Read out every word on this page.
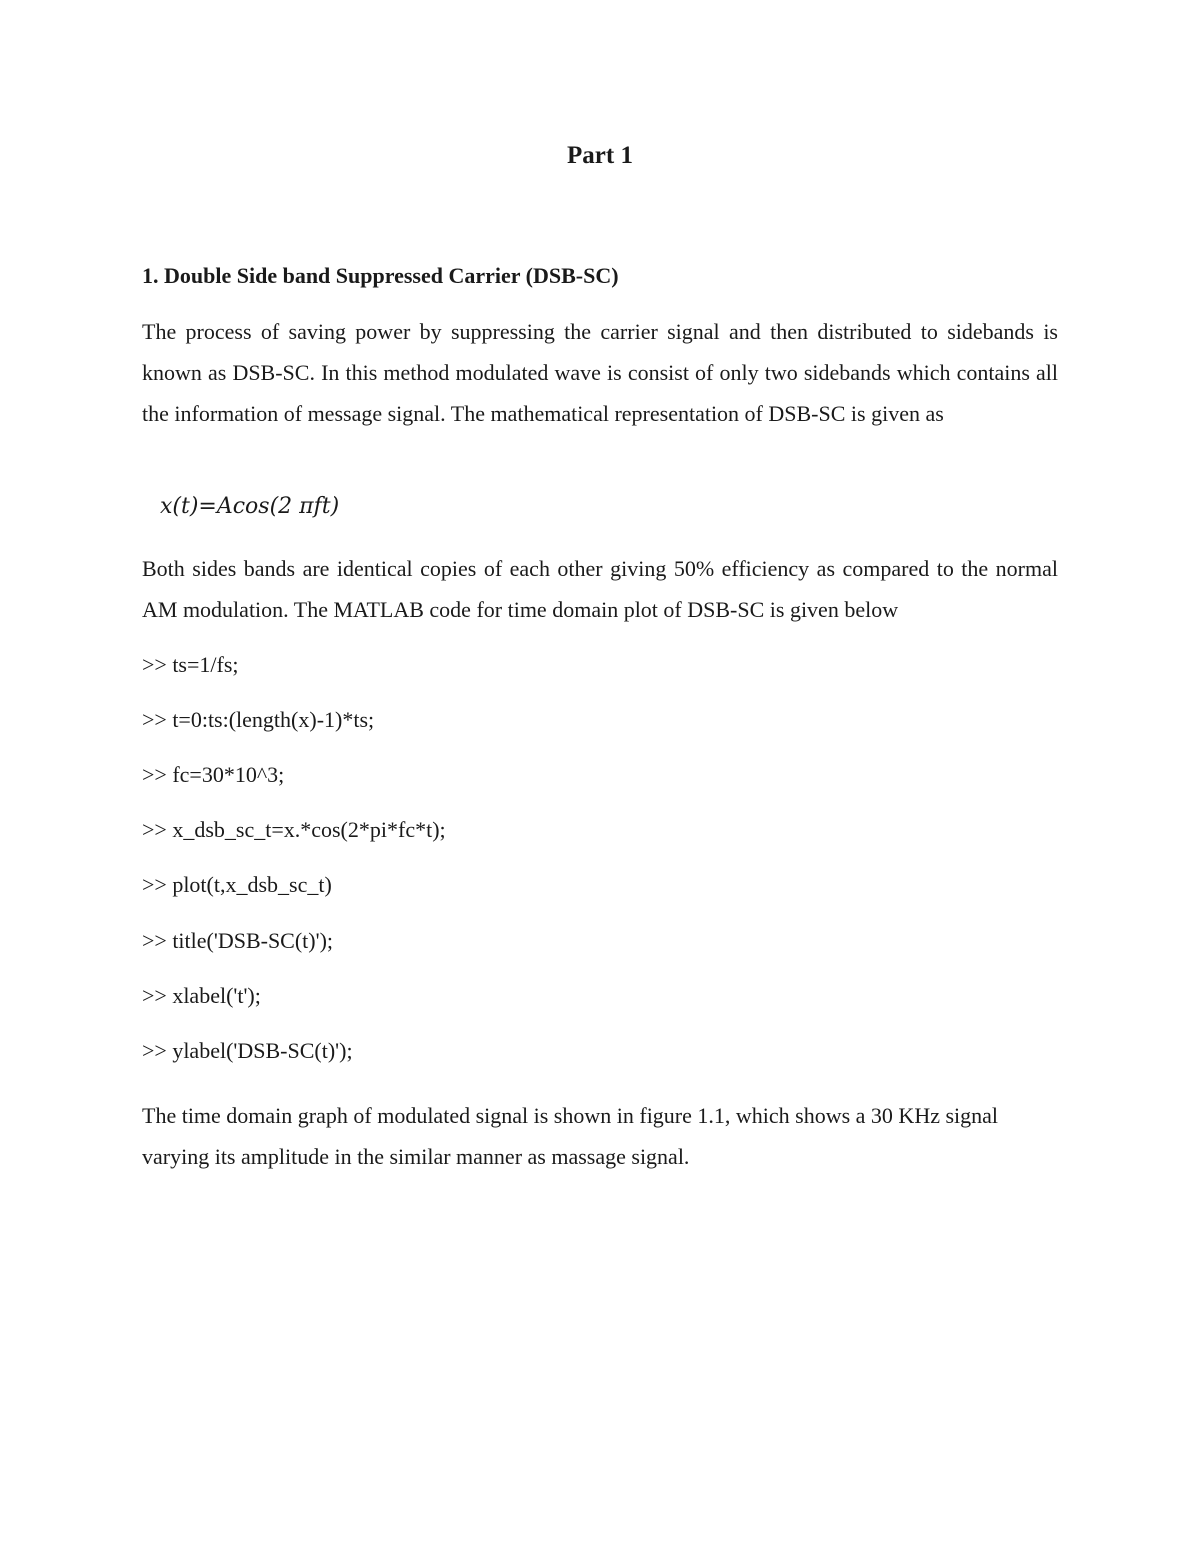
Part 1
1. Double Side band Suppressed Carrier (DSB-SC)

The process of saving power by suppressing the carrier signal and then distributed to sidebands is known as DSB-SC. In this method modulated wave is consist of only two sidebands which contains all the information of message signal. The mathematical representation of DSB-SC is given as

x(t)=Acos(2 πft)

Both sides bands are identical copies of each other giving 50% efficiency as compared to the normal AM modulation. The MATLAB code for time domain plot of DSB-SC is given below

>> ts=1/fs;

>> t=0:ts:(length(x)-1)*ts;

>> fc=30*10^3;

>> x_dsb_sc_t=x.*cos(2*pi*fc*t);

>> plot(t,x_dsb_sc_t)

>> title('DSB-SC(t)');

>> xlabel('t');

>> ylabel('DSB-SC(t)');

The time domain graph of modulated signal is shown in figure 1.1, which shows a 30 KHz signal varying its amplitude in the similar manner as massage signal.
